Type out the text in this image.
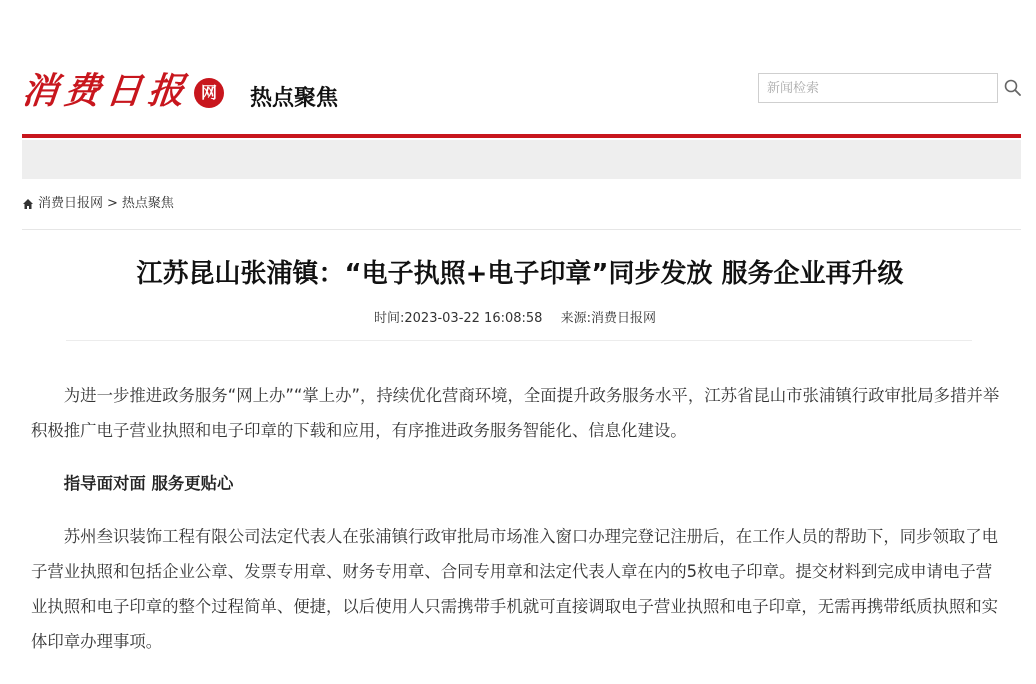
消费日报 网	热点聚焦
新闻检索
消费日报网 > 热点聚焦
江苏昆山张浦镇：“电子执照+电子印章”同步发放 服务企业再升级
时间:2023-03-22 16:08:58 来源:消费日报网

为进一步推进政务服务“网上办”“掌上办”，持续优化营商环境，全面提升政务服务水平，江苏省昆山市张浦镇行政审批局多措并举积极推广电子营业执照和电子印章的下载和应用，有序推进政务服务智能化、信息化建设。

指导面对面 服务更贴心

苏州叁识装饰工程有限公司法定代表人在张浦镇行政审批局市场准入窗口办理完登记注册后，在工作人员的帮助下，同步领取了电子营业执照和包括企业公章、发票专用章、财务专用章、合同专用章和法定代表人章在内的5枚电子印章。提交材料到完成申请电子营业执照和电子印章的整个过程简单、便捷，以后使用人只需携带手机就可直接调取电子营业执照和电子印章，无需再携带纸质执照和实体印章办理事项。
